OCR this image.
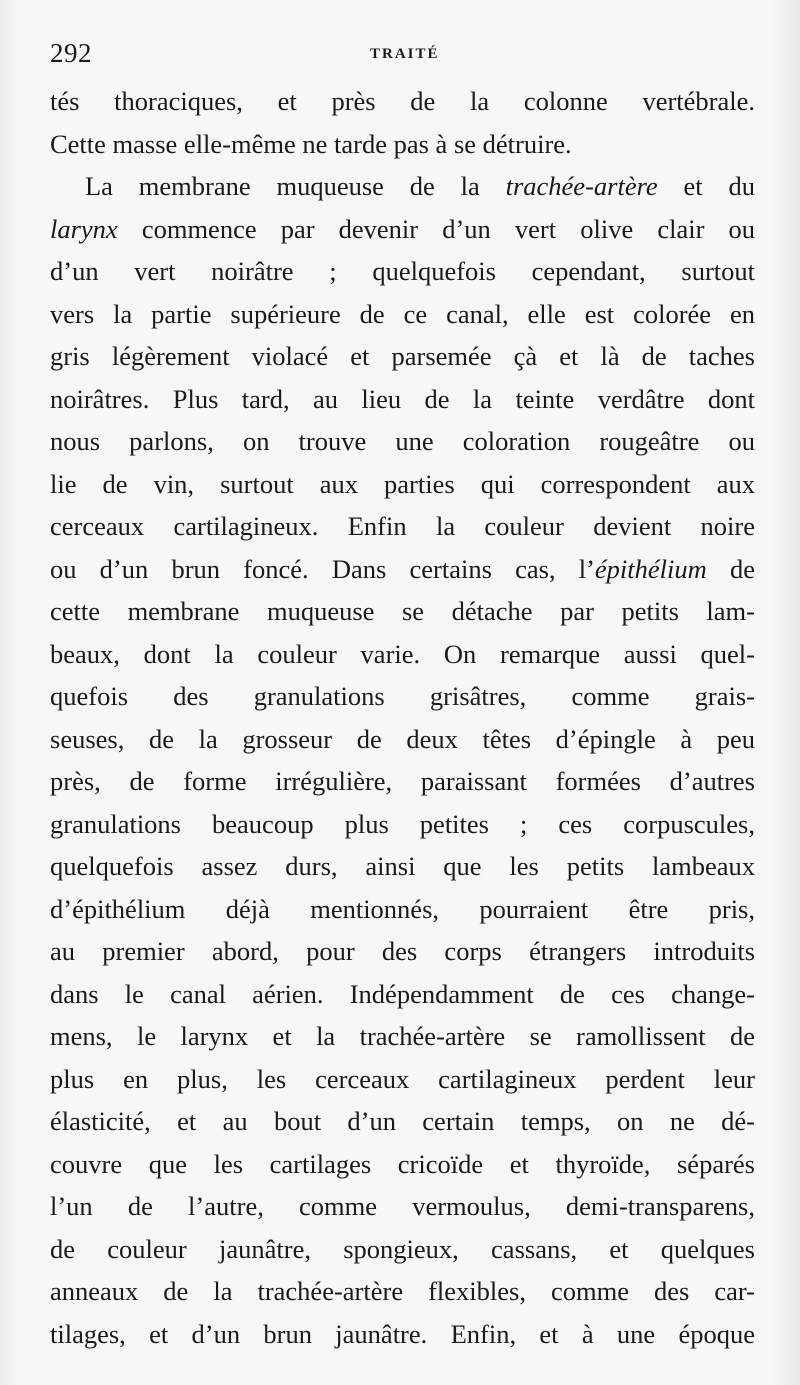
292	TRAITÉ
tés thoraciques, et près de la colonne vertébrale.
Cette masse elle-même ne tarde pas à se détruire.
La membrane muqueuse de la trachée-artère et du
larynx commence par devenir d’un vert olive clair ou
d’un vert noirâtre ; quelquefois cependant, surtout
vers la partie supérieure de ce canal, elle est colorée en
gris légèrement violacé et parsemée çà et là de taches
noirâtres. Plus tard, au lieu de la teinte verdâtre dont
nous parlons, on trouve une coloration rougeâtre ou
lie de vin, surtout aux parties qui correspondent aux
cerceaux cartilagineux. Enfin la couleur devient noire
ou d’un brun foncé. Dans certains cas, l’épithélium de
cette membrane muqueuse se détache par petits lam-
beaux, dont la couleur varie. On remarque aussi quel-
quefois des granulations grisâtres, comme grais-
seuses, de la grosseur de deux têtes d’épingle à peu
près, de forme irrégulière, paraissant formées d’autres
granulations beaucoup plus petites ; ces corpuscules,
quelquefois assez durs, ainsi que les petits lambeaux
d’épithélium déjà mentionnés, pourraient être pris,
au premier abord, pour des corps étrangers introduits
dans le canal aérien. Indépendamment de ces change-
mens, le larynx et la trachée-artère se ramollissent de
plus en plus, les cerceaux cartilagineux perdent leur
élasticité, et au bout d’un certain temps, on ne dé-
couvre que les cartilages cricoïde et thyroïde, séparés
l’un de l’autre, comme vermoulus, demi-transparens,
de couleur jaunâtre, spongieux, cassans, et quelques
anneaux de la trachée-artère flexibles, comme des car-
tilages, et d’un brun jaunâtre. Enfin, et à une époque
